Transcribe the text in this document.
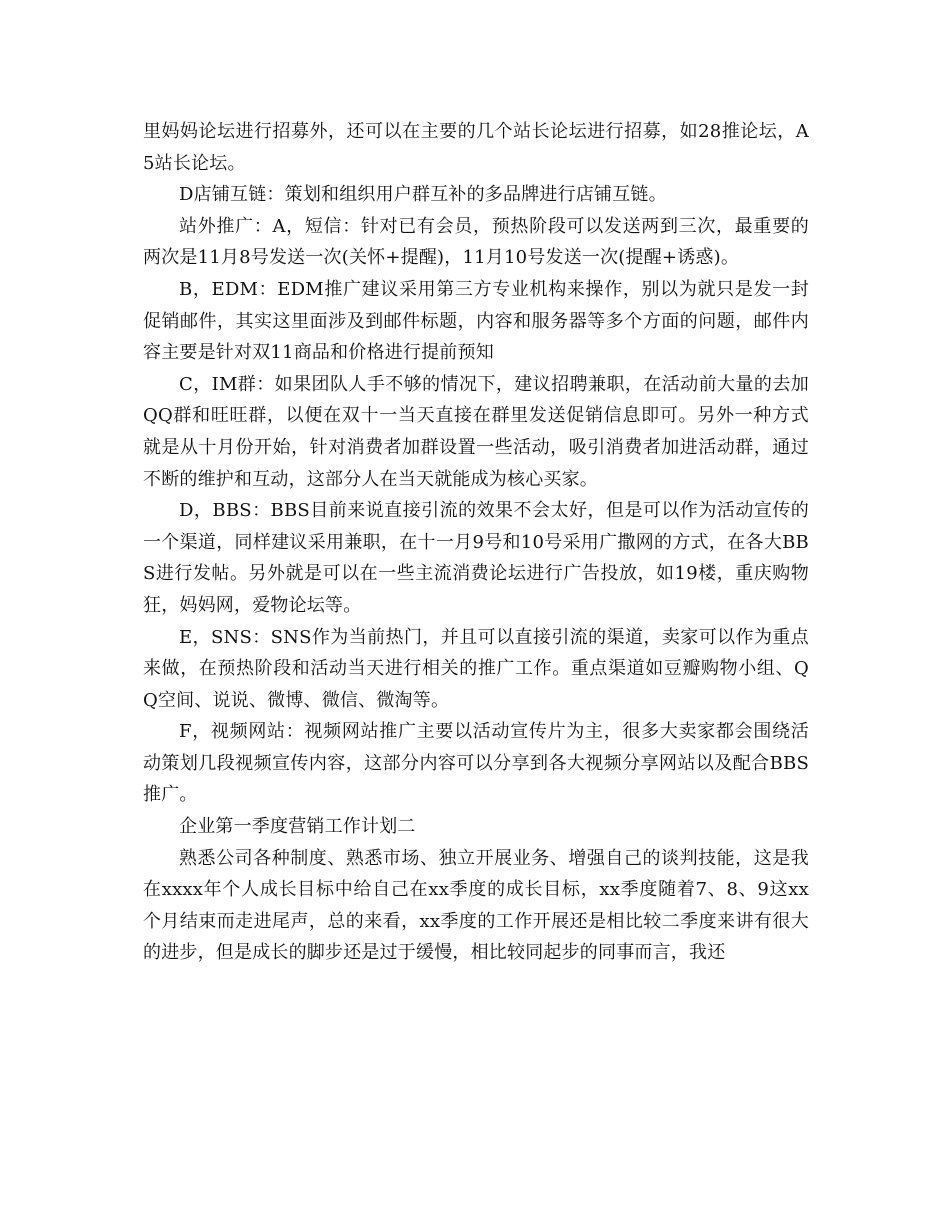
里妈妈论坛进行招募外，还可以在主要的几个站长论坛进行招募，如28推论坛，A5站长论坛。

D店铺互链：策划和组织用户群互补的多品牌进行店铺互链。

站外推广：A，短信：针对已有会员，预热阶段可以发送两到三次，最重要的两次是11月8号发送一次(关怀+提醒)，11月10号发送一次(提醒+诱惑)。

B，EDM：EDM推广建议采用第三方专业机构来操作，别以为就只是发一封促销邮件，其实这里面涉及到邮件标题，内容和服务器等多个方面的问题，邮件内容主要是针对双11商品和价格进行提前预知

C，IM群：如果团队人手不够的情况下，建议招聘兼职，在活动前大量的去加QQ群和旺旺群，以便在双十一当天直接在群里发送促销信息即可。另外一种方式就是从十月份开始，针对消费者加群设置一些活动，吸引消费者加进活动群，通过不断的维护和互动，这部分人在当天就能成为核心买家。

D，BBS：BBS目前来说直接引流的效果不会太好，但是可以作为活动宣传的一个渠道，同样建议采用兼职，在十一月9号和10号采用广撒网的方式，在各大BBS进行发帖。另外就是可以在一些主流消费论坛进行广告投放，如19楼，重庆购物狂，妈妈网，爱物论坛等。

E，SNS：SNS作为当前热门，并且可以直接引流的渠道，卖家可以作为重点来做，在预热阶段和活动当天进行相关的推广工作。重点渠道如豆瓣购物小组、QQ空间、说说、微博、微信、微淘等。

F，视频网站：视频网站推广主要以活动宣传片为主，很多大卖家都会围绕活动策划几段视频宣传内容，这部分内容可以分享到各大视频分享网站以及配合BBS推广。

企业第一季度营销工作计划二

熟悉公司各种制度、熟悉市场、独立开展业务、增强自己的谈判技能，这是我在xxxx年个人成长目标中给自己在xx季度的成长目标，xx季度随着7、8、9这xx个月结束而走进尾声，总的来看，xx季度的工作开展还是相比较二季度来讲有很大的进步，但是成长的脚步还是过于缓慢，相比较同起步的同事而言，我还
